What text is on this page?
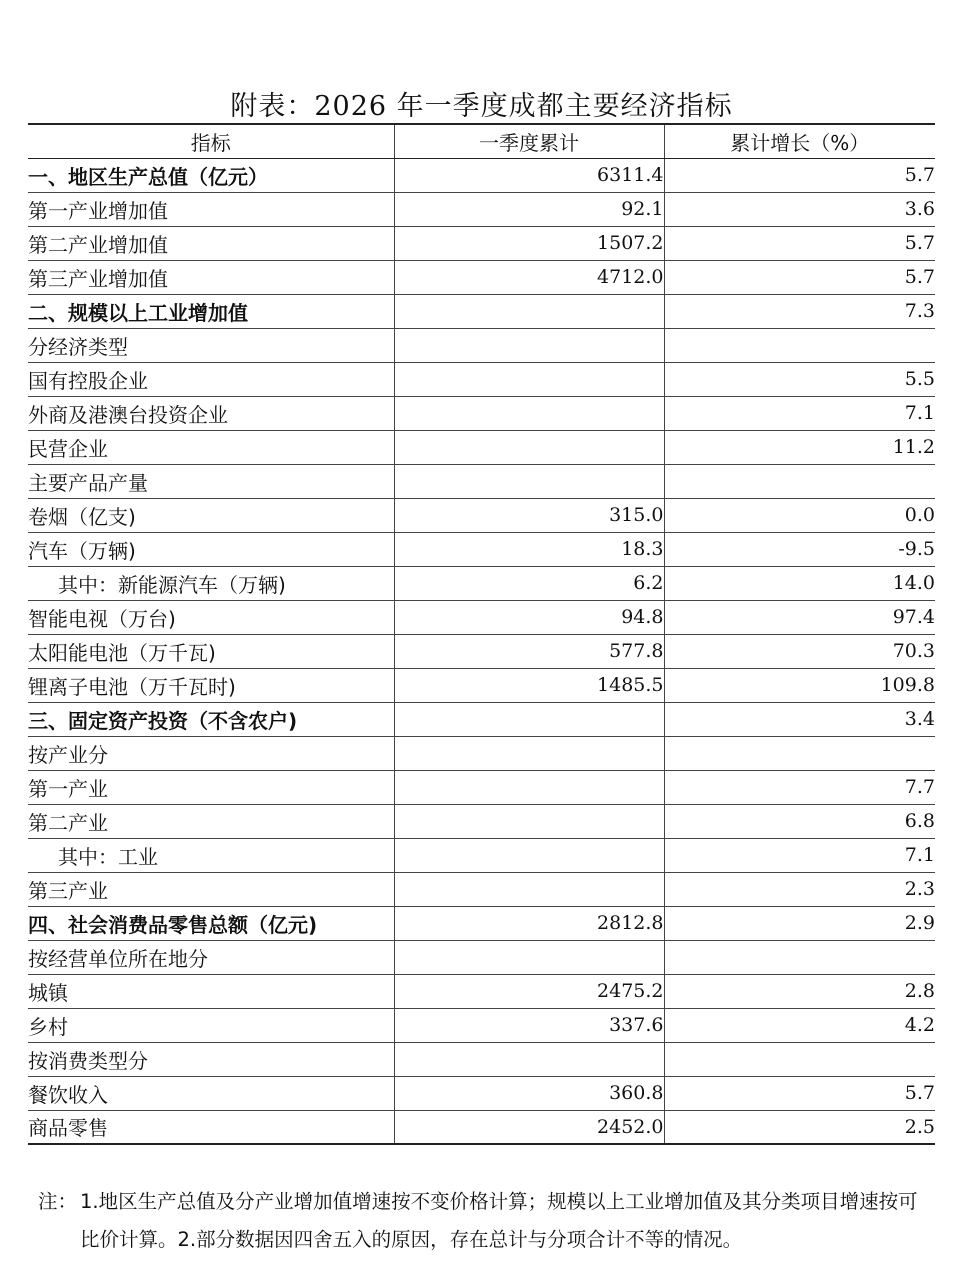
附表：2026 年一季度成都主要经济指标
指标	一季度累计	累计增长（%）
一、地区生产总值（亿元）	6311.4	5.7
第一产业增加值	92.1	3.6
第二产业增加值	1507.2	5.7
第三产业增加值	4712.0	5.7
二、规模以上工业增加值		7.3
分经济类型		
国有控股企业		5.5
外商及港澳台投资企业		7.1
民营企业		11.2
主要产品产量		
卷烟（亿支)	315.0	0.0
汽车（万辆)	18.3	-9.5
其中：新能源汽车（万辆)	6.2	14.0
智能电视（万台)	94.8	97.4
太阳能电池（万千瓦)	577.8	70.3
锂离子电池（万千瓦时)	1485.5	109.8
三、固定资产投资（不含农户)		3.4
按产业分		
第一产业		7.7
第二产业		6.8
其中：工业		7.1
第三产业		2.3
四、社会消费品零售总额（亿元)	2812.8	2.9
按经营单位所在地分		
城镇	2475.2	2.8
乡村	337.6	4.2
按消费类型分		
餐饮收入	360.8	5.7
商品零售	2452.0	2.5
注： 1.地区生产总值及分产业增加值增速按不变价格计算；规模以上工业增加值及其分类项目增速按可比价计算。2.部分数据因四舍五入的原因，存在总计与分项合计不等的情况。
